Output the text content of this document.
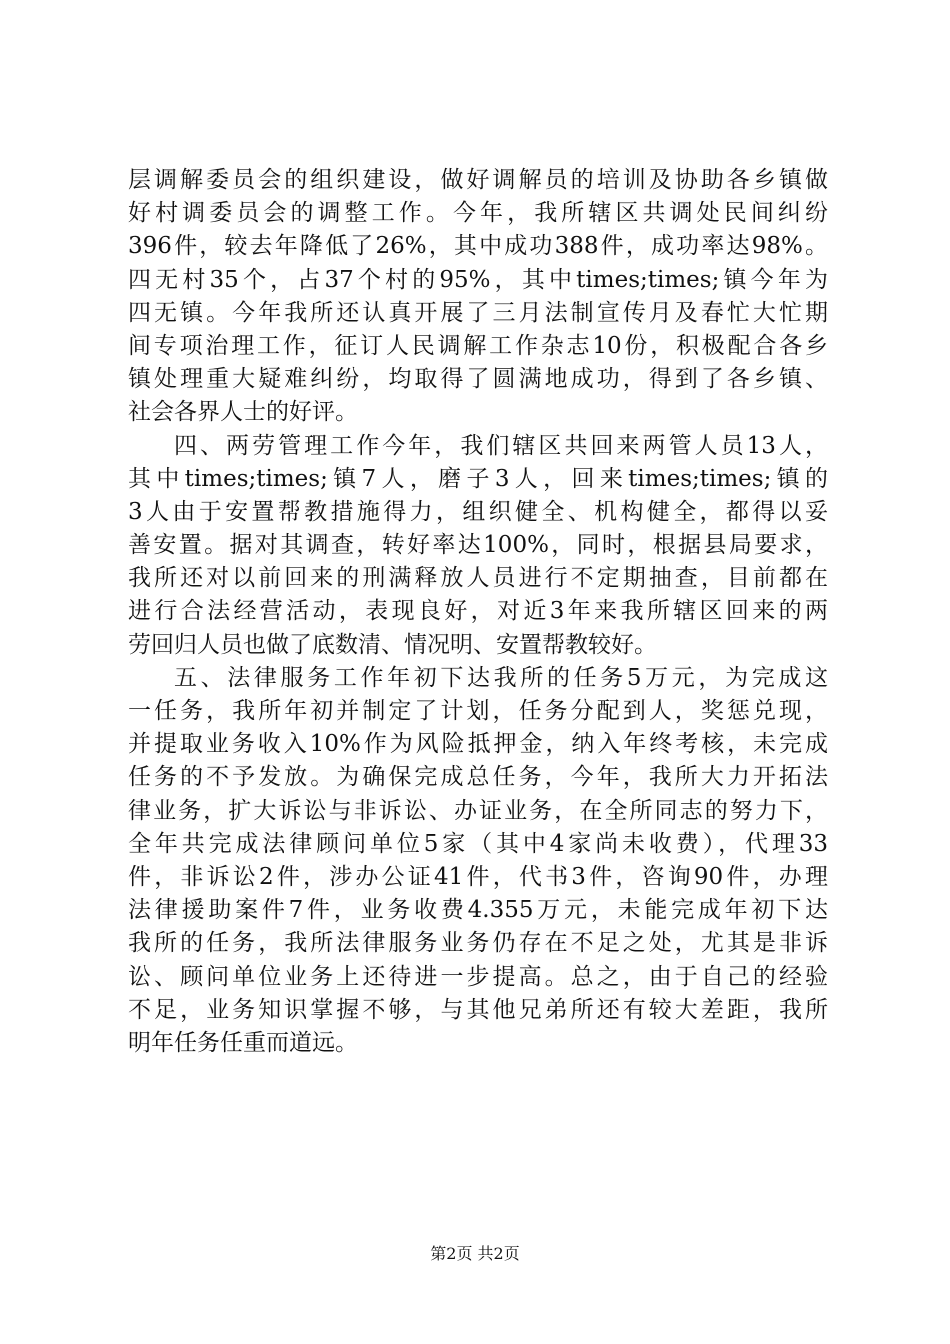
层调解委员会的组织建设，做好调解员的培训及协助各乡镇做
好村调委员会的调整工作。今年，我所辖区共调处民间纠纷
396件，较去年降低了26%，其中成功388件，成功率达98%。
四无村35个，占37个村的95%，其中times;times;镇今年为
四无镇。今年我所还认真开展了三月法制宣传月及春忙大忙期
间专项治理工作，征订人民调解工作杂志10份，积极配合各乡
镇处理重大疑难纠纷，均取得了圆满地成功，得到了各乡镇、
社会各界人士的好评。
四、两劳管理工作今年，我们辖区共回来两管人员13人，
其中times;times;镇7人，磨子3人，回来times;times;镇的
3人由于安置帮教措施得力，组织健全、机构健全，都得以妥
善安置。据对其调查，转好率达100%，同时，根据县局要求，
我所还对以前回来的刑满释放人员进行不定期抽查，目前都在
进行合法经营活动，表现良好，对近3年来我所辖区回来的两
劳回归人员也做了底数清、情况明、安置帮教较好。
五、法律服务工作年初下达我所的任务5万元，为完成这
一任务，我所年初并制定了计划，任务分配到人，奖惩兑现，
并提取业务收入10%作为风险抵押金，纳入年终考核，未完成
任务的不予发放。为确保完成总任务，今年，我所大力开拓法
律业务，扩大诉讼与非诉讼、办证业务，在全所同志的努力下，
全年共完成法律顾问单位5家（其中4家尚未收费），代理33
件，非诉讼2件，涉办公证41件，代书3件，咨询90件，办理
法律援助案件7件，业务收费4.355万元，未能完成年初下达
我所的任务，我所法律服务业务仍存在不足之处，尤其是非诉
讼、顾问单位业务上还待进一步提高。总之，由于自己的经验
不足，业务知识掌握不够，与其他兄弟所还有较大差距，我所
明年任务任重而道远。
第2页 共2页
